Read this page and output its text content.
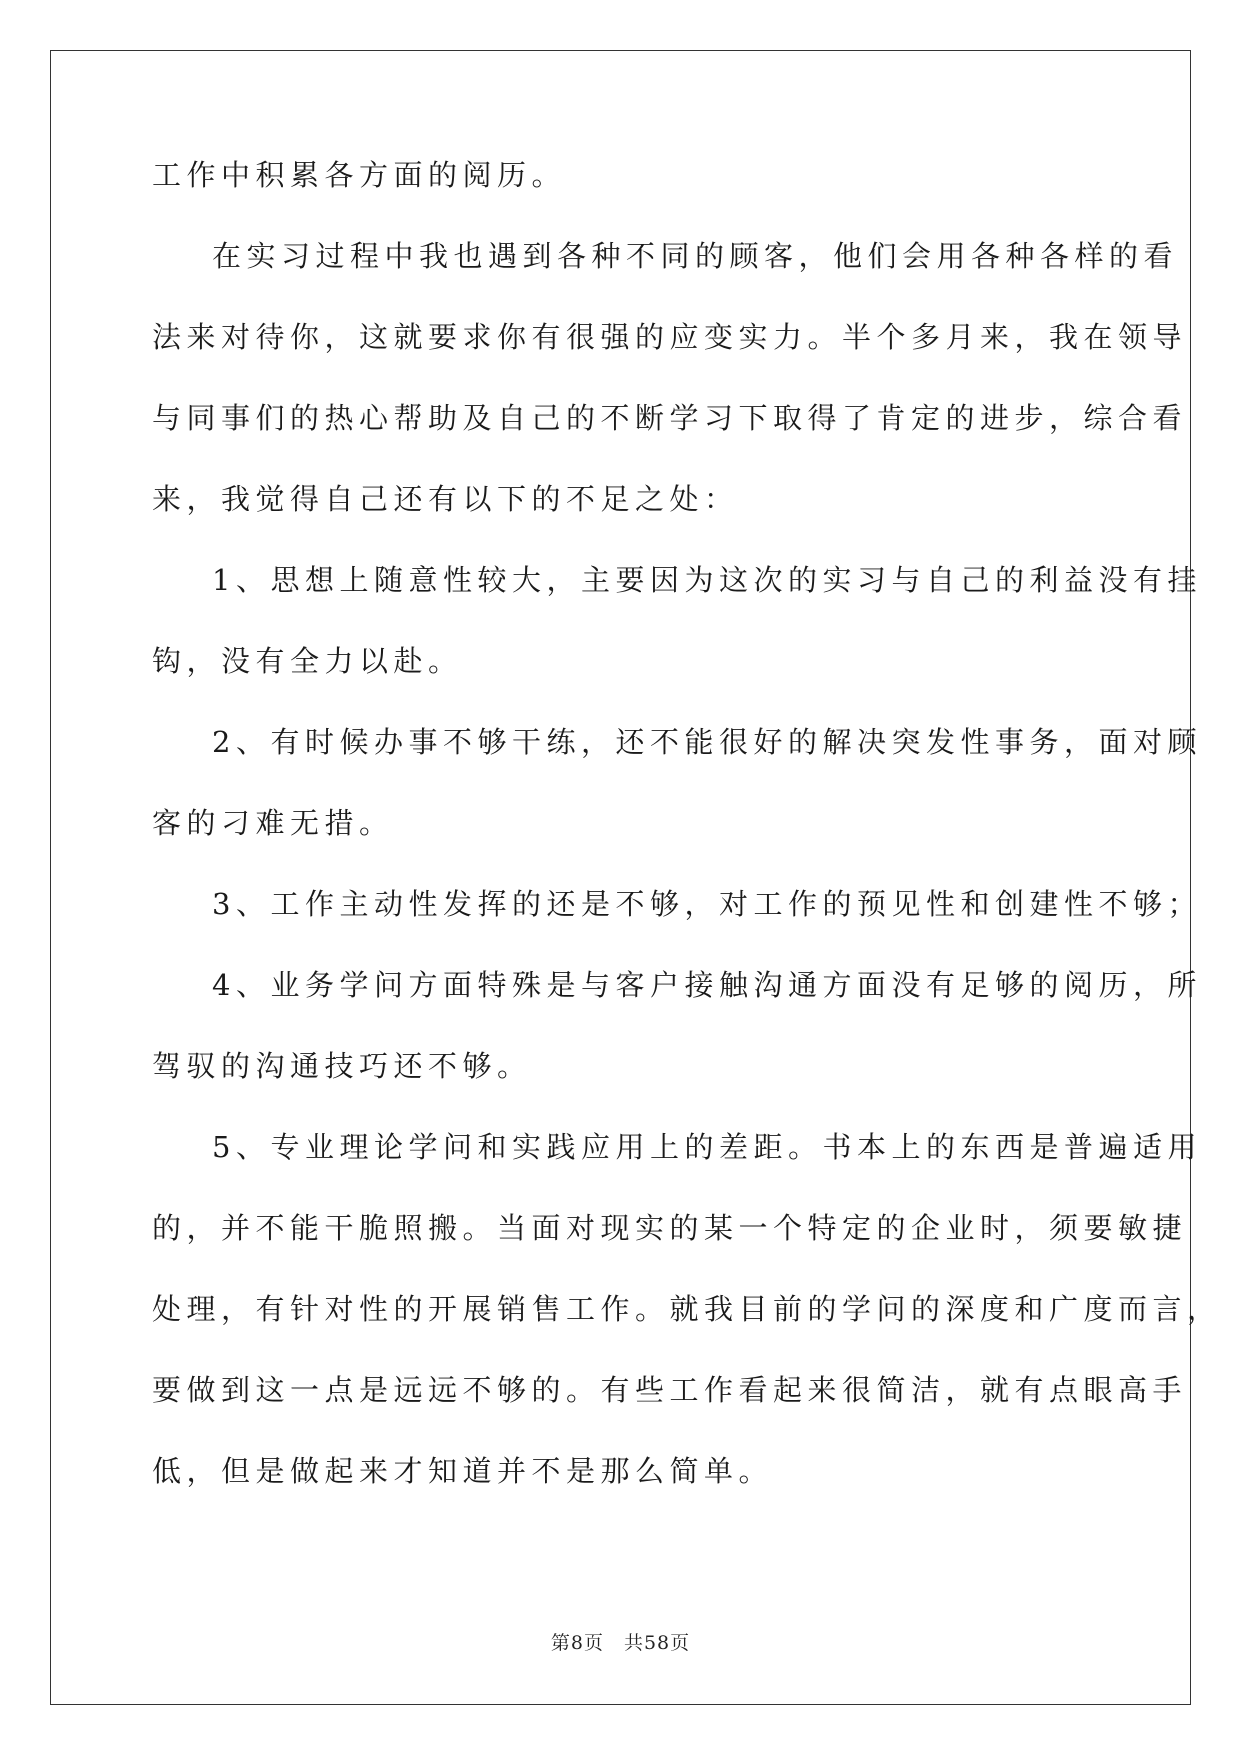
工作中积累各方面的阅历。
在实习过程中我也遇到各种不同的顾客，他们会用各种各样的看
法来对待你，这就要求你有很强的应变实力。半个多月来，我在领导
与同事们的热心帮助及自己的不断学习下取得了肯定的进步，综合看
来，我觉得自己还有以下的不足之处：
1、思想上随意性较大，主要因为这次的实习与自己的利益没有挂
钩，没有全力以赴。
2、有时候办事不够干练，还不能很好的解决突发性事务，面对顾
客的刁难无措。
3、工作主动性发挥的还是不够，对工作的预见性和创建性不够；
4、业务学问方面特殊是与客户接触沟通方面没有足够的阅历，所
驾驭的沟通技巧还不够。
5、专业理论学问和实践应用上的差距。书本上的东西是普遍适用
的，并不能干脆照搬。当面对现实的某一个特定的企业时，须要敏捷
处理，有针对性的开展销售工作。就我目前的学问的深度和广度而言，
要做到这一点是远远不够的。有些工作看起来很简洁，就有点眼高手
低，但是做起来才知道并不是那么简单。
第8页　共58页
